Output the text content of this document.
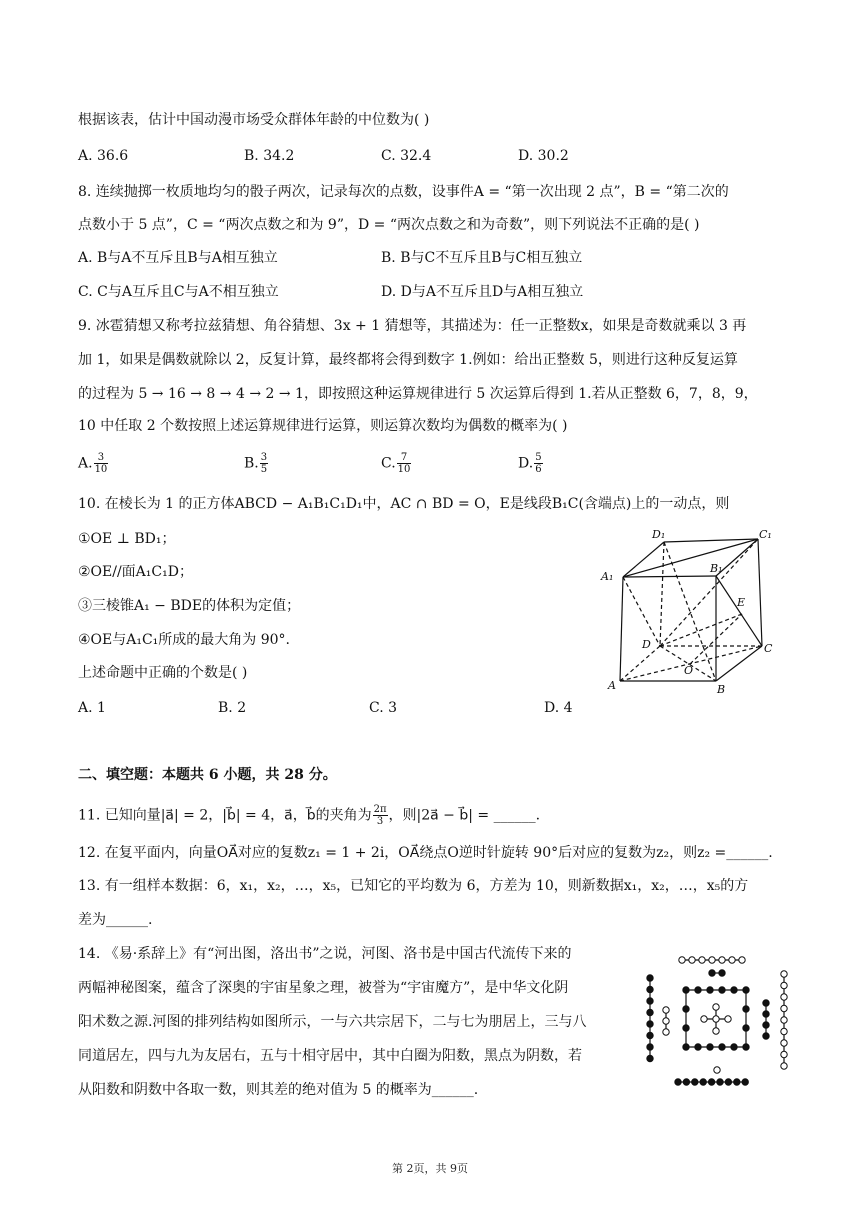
根据该表，估计中国动漫市场受众群体年龄的中位数为( )
A. 36.6	B. 34.2	C. 32.4	D. 30.2
8. 连续抛掷一枚质地均匀的骰子两次，记录每次的点数，设事件A = “第一次出现 2 点”，B = “第二次的
点数小于 5 点”，C = “两次点数之和为 9”，D = “两次点数之和为奇数”，则下列说法不正确的是( )
A. B与A不互斥且B与A相互独立	B. B与C不互斥且B与C相互独立
C. C与A互斥且C与A不相互独立	D. D与A不互斥且D与A相互独立
9. 冰雹猜想又称考拉兹猜想、角谷猜想、3x + 1 猜想等，其描述为：任一正整数x，如果是奇数就乘以 3 再
加 1，如果是偶数就除以 2，反复计算，最终都将会得到数字 1.例如：给出正整数 5，则进行这种反复运算
的过程为 5 → 16 → 8 → 4 → 2 → 1，即按照这种运算规律进行 5 次运算后得到 1.若从正整数 6，7，8，9，
10 中任取 2 个数按照上述运算规律进行运算，则运算次数均为偶数的概率为( )
A. $\frac{3}{10}$	B. $\frac{3}{5}$	C. $\frac{7}{10}$	D. $\frac{5}{6}$
10. 在棱长为 1 的正方体ABCD − A₁B₁C₁D₁中，AC ∩ BD = O，E是线段B₁C(含端点)上的一动点，则
①OE ⊥ BD₁；
②OE//面A₁C₁D；
③三棱锥A₁ − BDE的体积为定值；
④OE与A₁C₁所成的最大角为 90°.
上述命题中正确的个数是( )
A. 1	B. 2	C. 3	D. 4
D₁	C₁
A₁
B₁
E
D	C
O
A	B
二、填空题：本题共 6 小题，共 28 分。
11. 已知向量|a⃗| = 2，|b⃗| = 4，a⃗，b⃗的夹角为 $\frac{2\pi}{3}$ ，则|2a⃗ − b⃗| = ______.
12. 在复平面内，向量OA⃗对应的复数z₁ = 1 + 2i，OA⃗绕点O逆时针旋转 90°后对应的复数为z₂，则z₂ =______.
13. 有一组样本数据：6，x₁，x₂，…，x₅，已知它的平均数为 6，方差为 10，则新数据x₁，x₂，…，x₅的方
差为______.
14. 《易·系辞上》有“河出图，洛出书”之说，河图、洛书是中国古代流传下来的
两幅神秘图案，蕴含了深奥的宇宙星象之理，被誉为“宇宙魔方”，是中华文化阴
阳术数之源.河图的排列结构如图所示，一与六共宗居下，二与七为朋居上，三与八
同道居左，四与九为友居右，五与十相守居中，其中白圈为阳数，黑点为阴数，若
从阳数和阴数中各取一数，则其差的绝对值为 5 的概率为______.
第 2页，共 9页
